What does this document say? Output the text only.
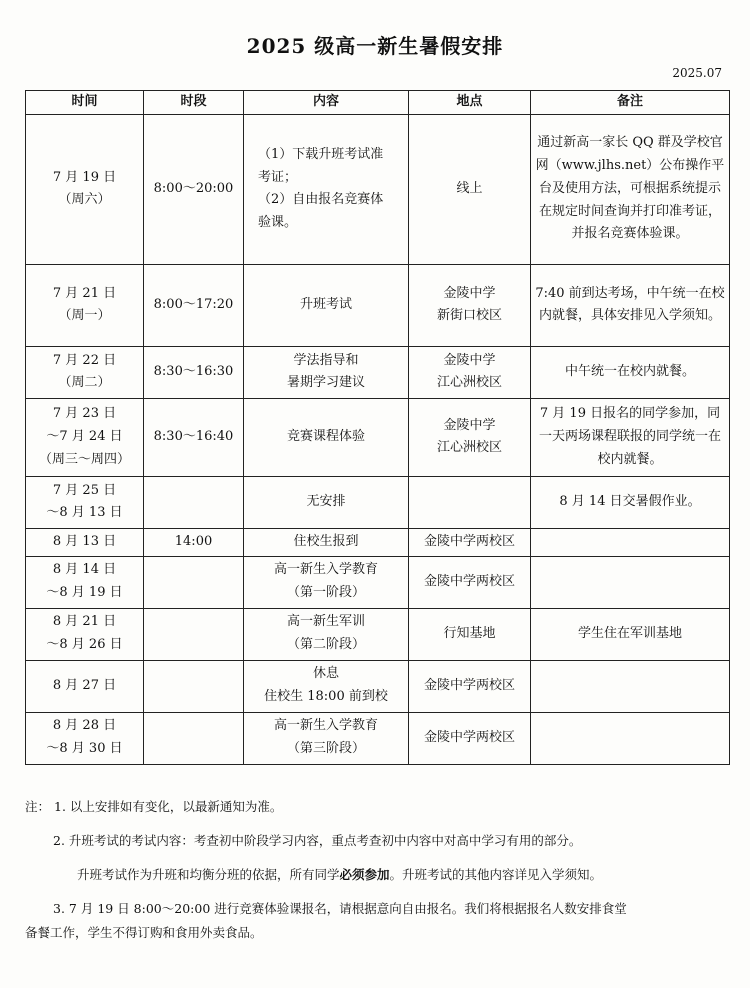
2025 级高一新生暑假安排
2025.07
时间	时段	内容	地点	备注

7 月 19 日
（周六）	8:00～20:00	（1）下载升班考试准
考证；
（2）自由报名竞赛体
验课。	线上	通过新高一家长 QQ 群及学校官网（www.jlhs.net）公布操作平台及使用方法，可根据系统提示在规定时间查询并打印准考证，并报名竞赛体验课。

7 月 21 日
（周一）	8:00～17:20	升班考试	金陵中学
新街口校区	7:40 前到达考场，中午统一在校内就餐，具体安排见入学须知。

7 月 22 日
（周二）	8:30～16:30	学法指导和
暑期学习建议	金陵中学
江心洲校区	中午统一在校内就餐。

7 月 23 日
～7 月 24 日
（周三～周四）	8:30～16:40	竞赛课程体验	金陵中学
江心洲校区	7 月 19 日报名的同学参加，同一天两场课程联报的同学统一在校内就餐。

7 月 25 日
～8 月 13 日		无安排		8 月 14 日交暑假作业。

8 月 13 日	14:00	住校生报到	金陵中学两校区	

8 月 14 日
～8 月 19 日		高一新生入学教育
（第一阶段）	金陵中学两校区	

8 月 21 日
～8 月 26 日		高一新生军训
（第二阶段）	行知基地	学生住在军训基地

8 月 27 日		休息
住校生 18:00 前到校	金陵中学两校区	

8 月 28 日
～8 月 30 日		高一新生入学教育
（第三阶段）	金陵中学两校区	

注： 1. 以上安排如有变化，以最新通知为准。

2. 升班考试的考试内容：考查初中阶段学习内容，重点考查初中内容中对高中学习有用的部分。

升班考试作为升班和均衡分班的依据，所有同学必须参加。升班考试的其他内容详见入学须知。

3. 7 月 19 日 8:00～20:00 进行竞赛体验课报名，请根据意向自由报名。我们将根据报名人数安排食堂

备餐工作，学生不得订购和食用外卖食品。
